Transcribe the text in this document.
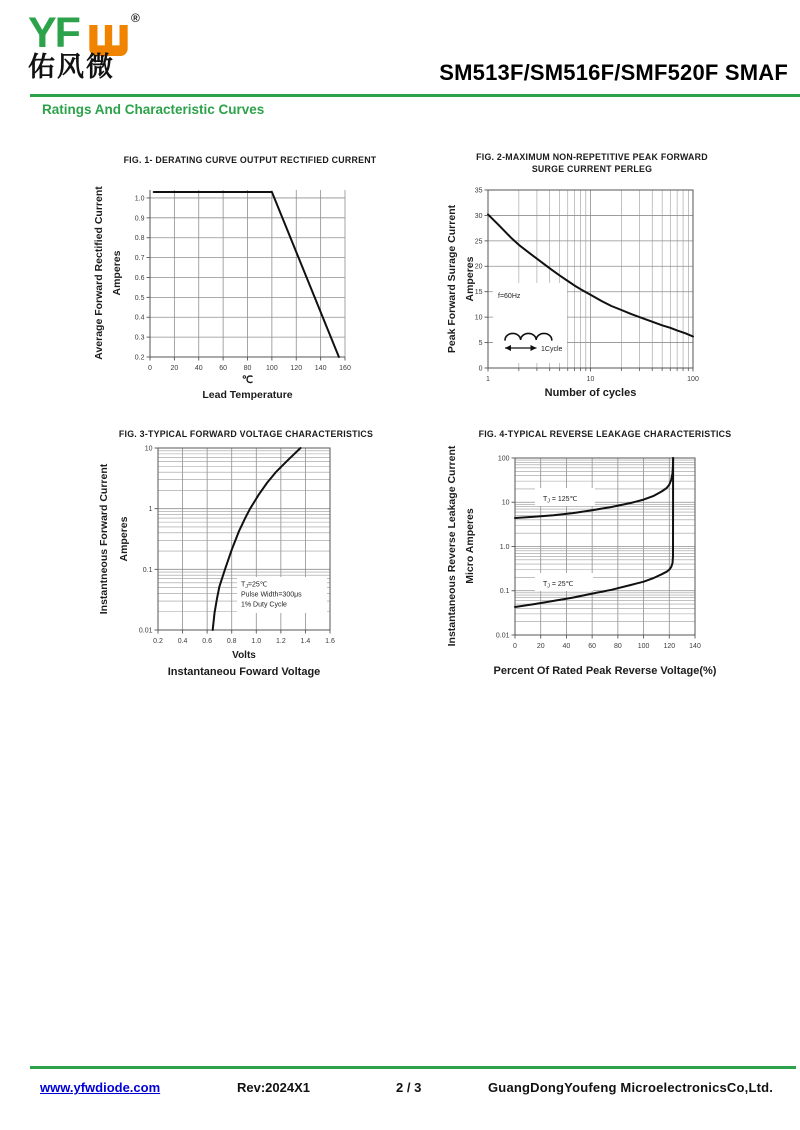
YF	®
佑风微	SM513F/SM516F/SMF520F SMAF
Ratings And Characteristic Curves
FIG. 1- DERATING CURVE OUTPUT RECTIFIED CURRENT	FIG. 2-MAXIMUM NON-REPETITIVE PEAK FORWARD
SURGE CURRENT PERLEG
FIG. 3-TYPICAL FORWARD VOLTAGE CHARACTERISTICS	FIG. 4-TYPICAL REVERSE LEAKAGE CHARACTERISTICS
0	20 40 60 80 100 120 140 160
1.0
0.9
0.8
0.7
0.6
0.5
0.4
0.3
0.2
Average Forward Rectified Current Amperes
℃
Lead Temperature
1	10	100
35
30
25
20
15
10
5
0
f=60Hz
1Cycle
Peak Forward Surage Current Amperes
Number of cycles
0.2 0.4 0.6 0.8 1.0 1.2 1.4 1.6
10
1
0.1
0.01
$T_J=25℃$
Pulse Width=300μs
1% Duty Cycle
Instantneous Forward Current Amperes
Volts
Instantaneou Foward Voltage
0	20	40	60	80 100 120 140
100
10
1.0
0.1
0.01
$T_J$ = 125℃
$T_J$ = 25℃
Instantaneous Reverse Leakage Current Micro Amperes
Percent Of Rated Peak Reverse Voltage(%)
www.yfwdiode.com	Rev:2024X1	2 / 3	GuangDongYoufeng MicroelectronicsCo,Ltd.
